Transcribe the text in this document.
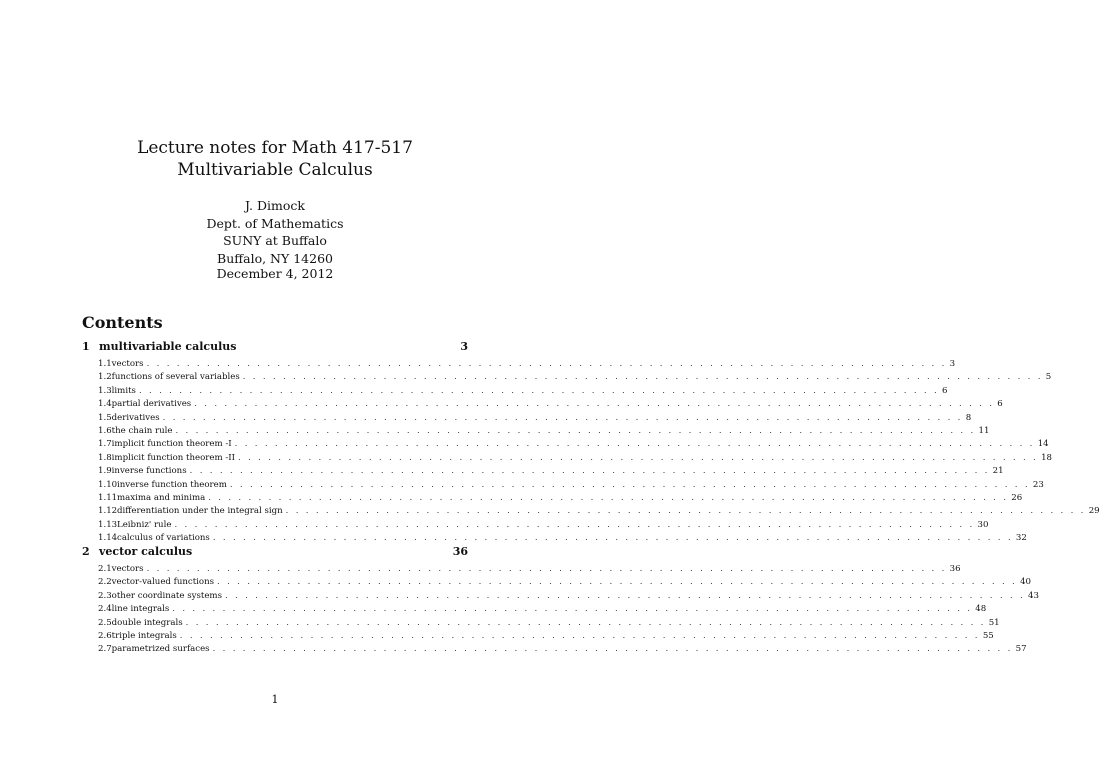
Lecture notes for Math 417-517
Multivariable Calculus
J. Dimock
Dept. of Mathematics
SUNY at Buffalo
Buffalo, NY 14260
December 4, 2012
Contents
1 multivariable calculus	3
1.1 vectors . . . . . . . . . . . . . . . . . . . . . . . . . . . . . . . . . . . . . . . . . . . . . . . . . . . . . . . . . . . . . . . . . . . . . . . . . . . . . . . . 3
1.2 functions of several variables . . . . . . . . . . . . . . . . . . . . . . . . . . . . . . . . . . . . . . . . . . . . . . . . . . . . . . . . . . . . . . . . . . . . . . . . . . . . . . . . 5
1.3 limits . . . . . . . . . . . . . . . . . . . . . . . . . . . . . . . . . . . . . . . . . . . . . . . . . . . . . . . . . . . . . . . . . . . . . . . . . . . . . . . . 6
1.4 partial derivatives . . . . . . . . . . . . . . . . . . . . . . . . . . . . . . . . . . . . . . . . . . . . . . . . . . . . . . . . . . . . . . . . . . . . . . . . . . . . . . . . 6
1.5 derivatives . . . . . . . . . . . . . . . . . . . . . . . . . . . . . . . . . . . . . . . . . . . . . . . . . . . . . . . . . . . . . . . . . . . . . . . . . . . . . . . . 8
1.6 the chain rule . . . . . . . . . . . . . . . . . . . . . . . . . . . . . . . . . . . . . . . . . . . . . . . . . . . . . . . . . . . . . . . . . . . . . . . . . . . . . . . . 11
1.7 implicit function theorem -I . . . . . . . . . . . . . . . . . . . . . . . . . . . . . . . . . . . . . . . . . . . . . . . . . . . . . . . . . . . . . . . . . . . . . . . . . . . . . . . . 14
1.8 implicit function theorem -II . . . . . . . . . . . . . . . . . . . . . . . . . . . . . . . . . . . . . . . . . . . . . . . . . . . . . . . . . . . . . . . . . . . . . . . . . . . . . . . . 18
1.9 inverse functions . . . . . . . . . . . . . . . . . . . . . . . . . . . . . . . . . . . . . . . . . . . . . . . . . . . . . . . . . . . . . . . . . . . . . . . . . . . . . . . . 21
1.10 inverse function theorem . . . . . . . . . . . . . . . . . . . . . . . . . . . . . . . . . . . . . . . . . . . . . . . . . . . . . . . . . . . . . . . . . . . . . . . . . . . . . . . . 23
1.11 maxima and minima . . . . . . . . . . . . . . . . . . . . . . . . . . . . . . . . . . . . . . . . . . . . . . . . . . . . . . . . . . . . . . . . . . . . . . . . . . . . . . . . 26
1.12 differentiation under the integral sign . . . . . . . . . . . . . . . . . . . . . . . . . . . . . . . . . . . . . . . . . . . . . . . . . . . . . . . . . . . . . . . . . . . . . . . . . . . . . . . . 29
1.13 Leibniz' rule . . . . . . . . . . . . . . . . . . . . . . . . . . . . . . . . . . . . . . . . . . . . . . . . . . . . . . . . . . . . . . . . . . . . . . . . . . . . . . . . 30
1.14 calculus of variations . . . . . . . . . . . . . . . . . . . . . . . . . . . . . . . . . . . . . . . . . . . . . . . . . . . . . . . . . . . . . . . . . . . . . . . . . . . . . . . . 32
2 vector calculus	36
2.1 vectors . . . . . . . . . . . . . . . . . . . . . . . . . . . . . . . . . . . . . . . . . . . . . . . . . . . . . . . . . . . . . . . . . . . . . . . . . . . . . . . . 36
2.2 vector-valued functions . . . . . . . . . . . . . . . . . . . . . . . . . . . . . . . . . . . . . . . . . . . . . . . . . . . . . . . . . . . . . . . . . . . . . . . . . . . . . . . . 40
2.3 other coordinate systems . . . . . . . . . . . . . . . . . . . . . . . . . . . . . . . . . . . . . . . . . . . . . . . . . . . . . . . . . . . . . . . . . . . . . . . . . . . . . . . . 43
2.4 line integrals . . . . . . . . . . . . . . . . . . . . . . . . . . . . . . . . . . . . . . . . . . . . . . . . . . . . . . . . . . . . . . . . . . . . . . . . . . . . . . . . 48
2.5 double integrals . . . . . . . . . . . . . . . . . . . . . . . . . . . . . . . . . . . . . . . . . . . . . . . . . . . . . . . . . . . . . . . . . . . . . . . . . . . . . . . . 51
2.6 triple integrals . . . . . . . . . . . . . . . . . . . . . . . . . . . . . . . . . . . . . . . . . . . . . . . . . . . . . . . . . . . . . . . . . . . . . . . . . . . . . . . . 55
2.7 parametrized surfaces . . . . . . . . . . . . . . . . . . . . . . . . . . . . . . . . . . . . . . . . . . . . . . . . . . . . . . . . . . . . . . . . . . . . . . . . . . . . . . . . 57
1
